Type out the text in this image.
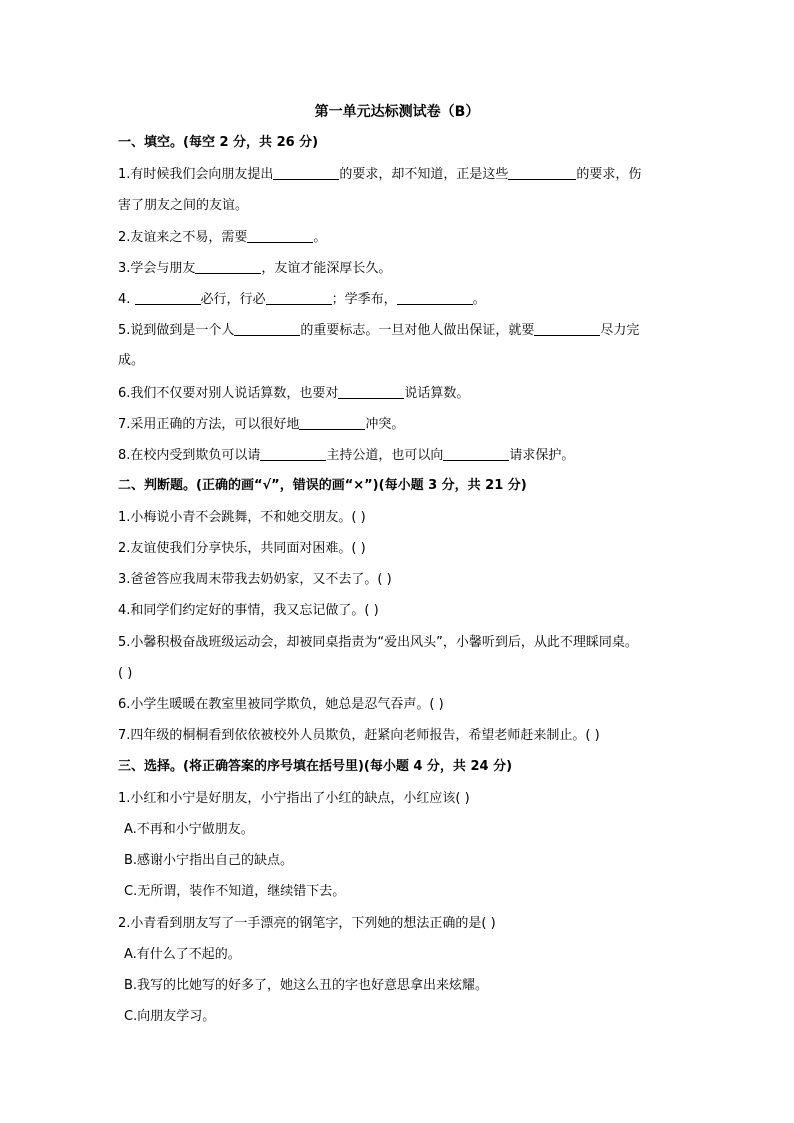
第一单元达标测试卷（B）
一、填空。(每空 2 分，共 26 分)
1.有时候我们会向朋友提出	的要求，却不知道，正是这些	的要求，伤
害了朋友之间的友谊。
2.友谊来之不易，需要	。
3.学会与朋友	，友谊才能深厚长久。
4.	必行，行必	；学季布，	。
5.说到做到是一个人	的重要标志。一旦对他人做出保证，就要	尽力完
成。
6.我们不仅要对别人说话算数，也要对	说话算数。
7.采用正确的方法，可以很好地	冲突。
8.在校内受到欺负可以请	主持公道，也可以向	请求保护。
二、判断题。(正确的画“√”，错误的画“×”)(每小题 3 分，共 21 分)
1.小梅说小青不会跳舞，不和她交朋友。( )
2.友谊使我们分享快乐，共同面对困难。( )
3.爸爸答应我周末带我去奶奶家，又不去了。( )
4.和同学们约定好的事情，我又忘记做了。( )
5.小馨积极奋战班级运动会，却被同桌指责为“爱出风头”，小馨听到后，从此不理睬同桌。
( )
6.小学生暖暖在教室里被同学欺负，她总是忍气吞声。( )
7.四年级的桐桐看到依依被校外人员欺负，赶紧向老师报告，希望老师赶来制止。( )
三、选择。(将正确答案的序号填在括号里)(每小题 4 分，共 24 分)
1.小红和小宁是好朋友，小宁指出了小红的缺点，小红应该( )
A.不再和小宁做朋友。
B.感谢小宁指出自己的缺点。
C.无所谓，装作不知道，继续错下去。
2.小青看到朋友写了一手漂亮的钢笔字，下列她的想法正确的是( )
A.有什么了不起的。
B.我写的比她写的好多了，她这么丑的字也好意思拿出来炫耀。
C.向朋友学习。
